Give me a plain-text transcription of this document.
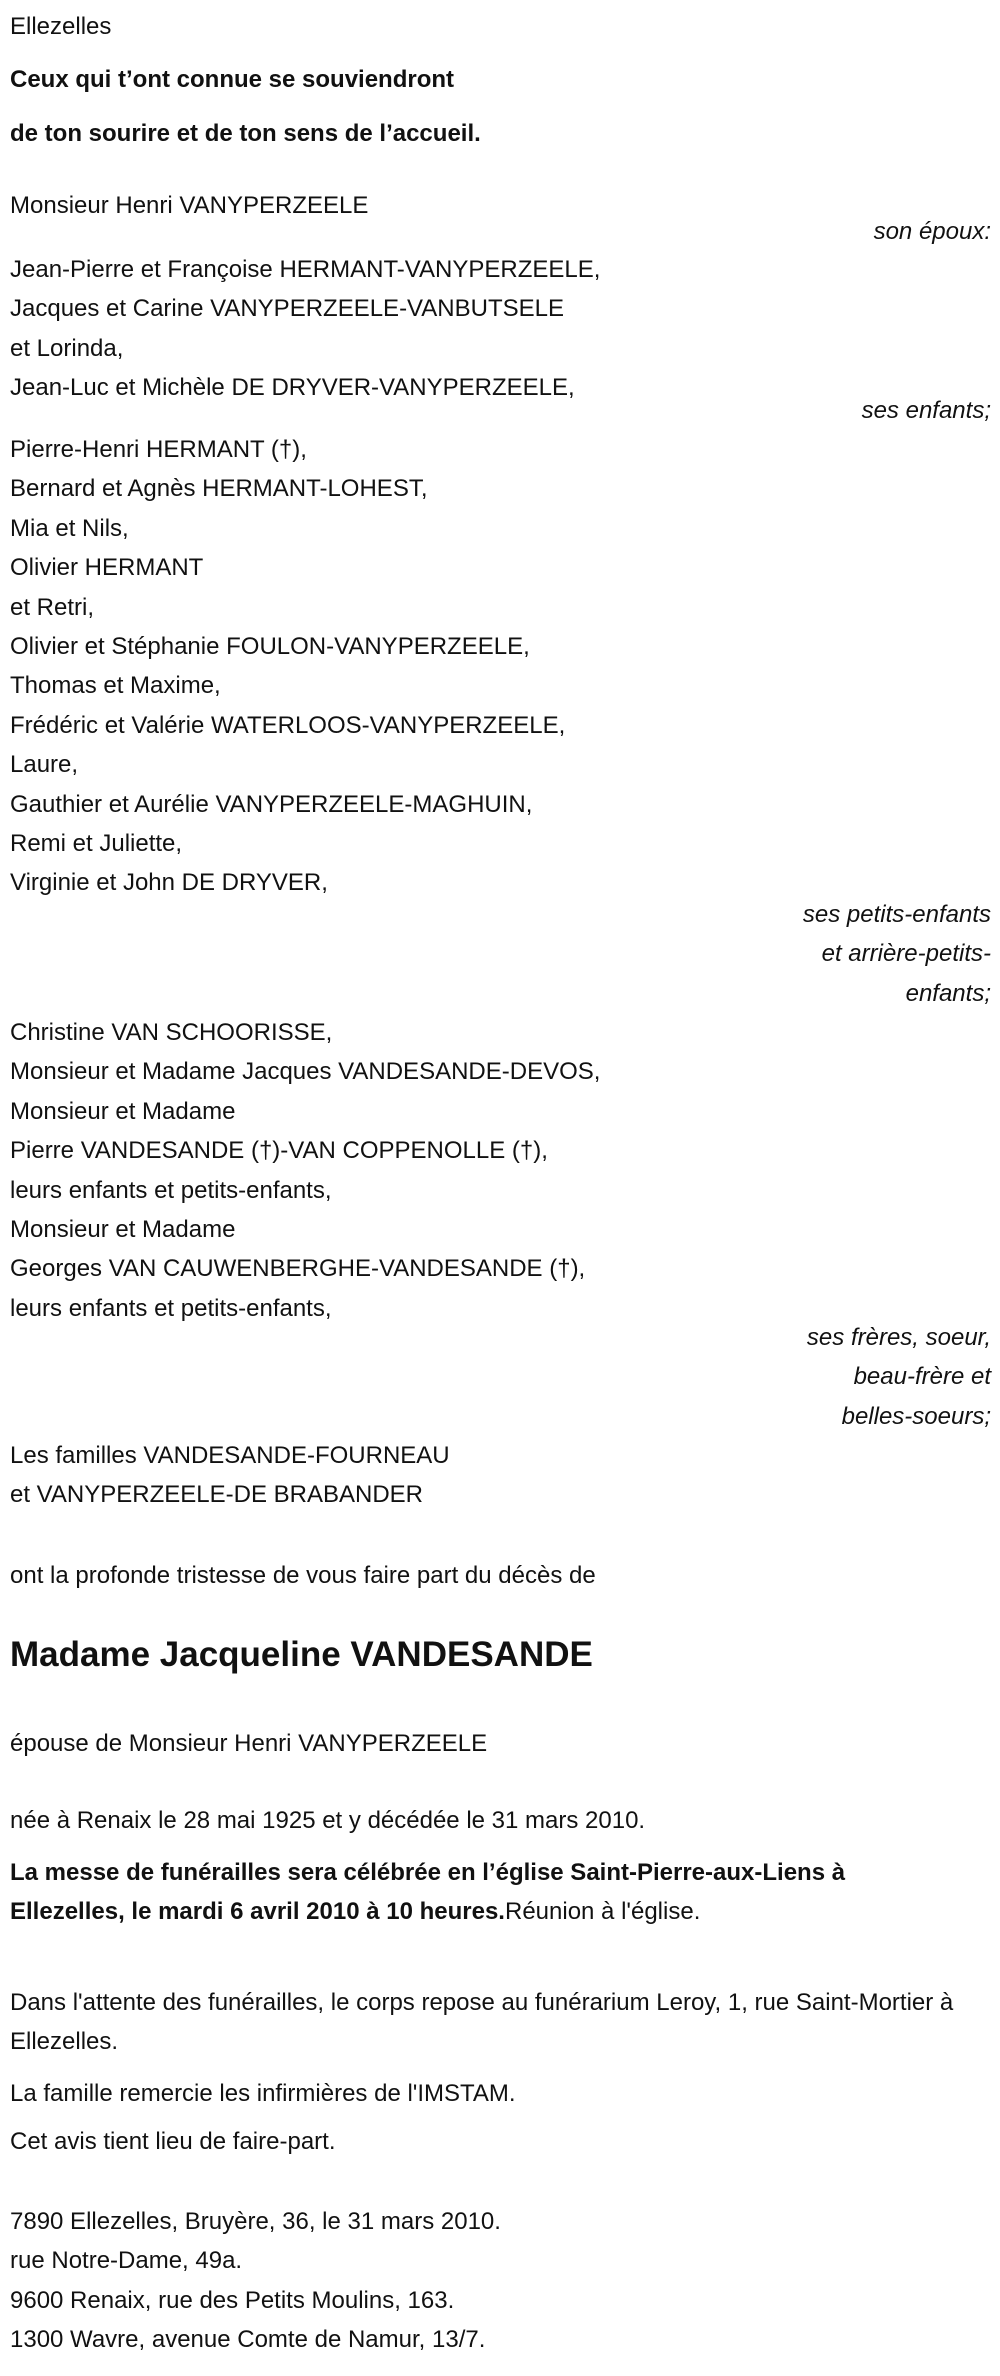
Ellezelles
Ceux qui t’ont connue se souviendront
de ton sourire et de ton sens de l’accueil.
Monsieur Henri VANYPERZEELE
son époux:
Jean-Pierre et Françoise HERMANT-VANYPERZEELE,
Jacques et Carine VANYPERZEELE-VANBUTSELE
et Lorinda,
Jean-Luc et Michèle DE DRYVER-VANYPERZEELE,
ses enfants;
Pierre-Henri HERMANT (†),
Bernard et Agnès HERMANT-LOHEST,
Mia et Nils,
Olivier HERMANT
et Retri,
Olivier et Stéphanie FOULON-VANYPERZEELE,
Thomas et Maxime,
Frédéric et Valérie WATERLOOS-VANYPERZEELE,
Laure,
Gauthier et Aurélie VANYPERZEELE-MAGHUIN,
Remi et Juliette,
Virginie et John DE DRYVER,
ses petits-enfants
et arrière-petits-
enfants;
Christine VAN SCHOORISSE,
Monsieur et Madame Jacques VANDESANDE-DEVOS,
Monsieur et Madame
Pierre VANDESANDE (†)-VAN COPPENOLLE (†),
leurs enfants et petits-enfants,
Monsieur et Madame
Georges VAN CAUWENBERGHE-VANDESANDE (†),
leurs enfants et petits-enfants,
ses frères, soeur,
beau-frère et
belles-soeurs;
Les familles VANDESANDE-FOURNEAU
et VANYPERZEELE-DE BRABANDER
ont la profonde tristesse de vous faire part du décès de
Madame Jacqueline VANDESANDE
épouse de Monsieur Henri VANYPERZEELE
née à Renaix le 28 mai 1925 et y décédée le 31 mars 2010.
La messe de funérailles sera célébrée en l’église Saint-Pierre-aux-Liens à Ellezelles, le mardi 6 avril 2010 à 10 heures.Réunion à l'église.
Dans l'attente des funérailles, le corps repose au funérarium Leroy, 1, rue Saint-Mortier à Ellezelles.
La famille remercie les infirmières de l'IMSTAM.
Cet avis tient lieu de faire-part.
7890 Ellezelles, Bruyère, 36, le 31 mars 2010.
rue Notre-Dame, 49a.
9600 Renaix, rue des Petits Moulins, 163.
1300 Wavre, avenue Comte de Namur, 13/7.
